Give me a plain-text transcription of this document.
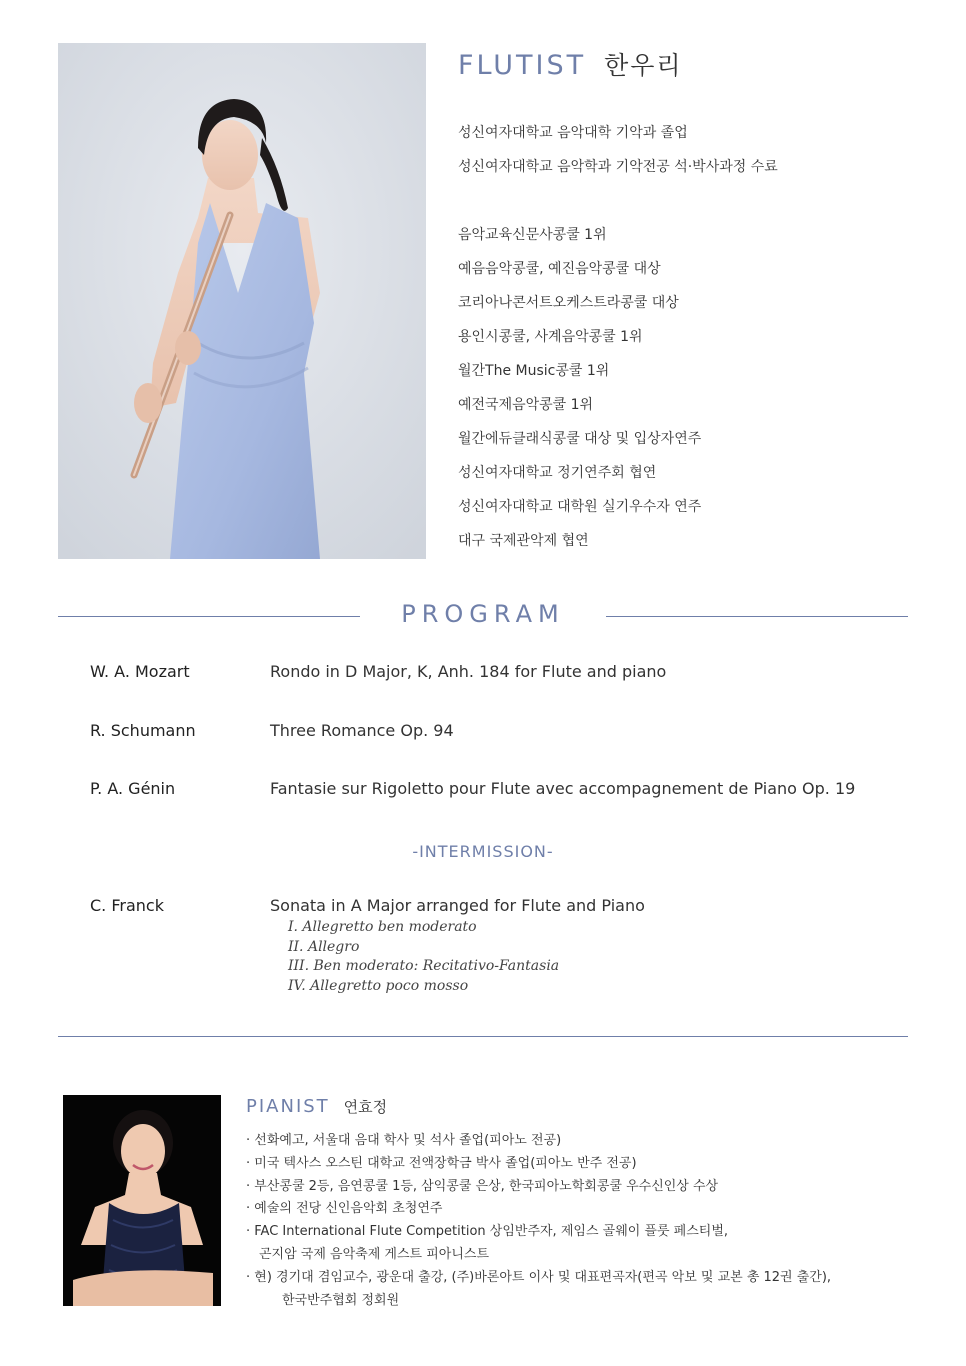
FLUTIST 한우리
성신여자대학교 음악대학 기악과 졸업
성신여자대학교 음악학과 기악전공 석·박사과정 수료
음악교육신문사콩쿨 1위
예음음악콩쿨, 예진음악콩쿨 대상
코리아나콘서트오케스트라콩쿨 대상
용인시콩쿨, 사계음악콩쿨 1위
월간The Music콩쿨 1위
예전국제음악콩쿨 1위
월간에듀클래식콩쿨 대상 및 입상자연주
성신여자대학교 정기연주회 협연
성신여자대학교 대학원 실기우수자 연주
대구 국제관악제 협연
PROGRAM
W. A. Mozart	Rondo in D Major, K, Anh. 184 for Flute and piano
R. Schumann	Three Romance Op. 94
P. A. Génin	Fantasie sur Rigoletto pour Flute avec accompagnement de Piano Op. 19
-INTERMISSION-
C. Franck	Sonata in A Major arranged for Flute and Piano
I. Allegretto ben moderato
II. Allegro
III. Ben moderato: Recitativo-Fantasia
IV. Allegretto poco mosso
PIANIST 연효정
· 선화예고, 서울대 음대 학사 및 석사 졸업(피아노 전공)
· 미국 텍사스 오스틴 대학교 전액장학금 박사 졸업(피아노 반주 전공)
· 부산콩쿨 2등, 음연콩쿨 1등, 삼익콩쿨 은상, 한국피아노학회콩쿨 우수신인상 수상
· 예술의 전당 신인음악회 초청연주
· FAC International Flute Competition 상임반주자, 제임스 골웨이 플룻 페스티벌,
곤지암 국제 음악축제 게스트 피아니스트
· 현) 경기대 겸임교수, 광운대 출강, (주)바론아트 이사 및 대표편곡자(편곡 악보 및 교본 총 12권 출간),
한국반주협회 정회원
